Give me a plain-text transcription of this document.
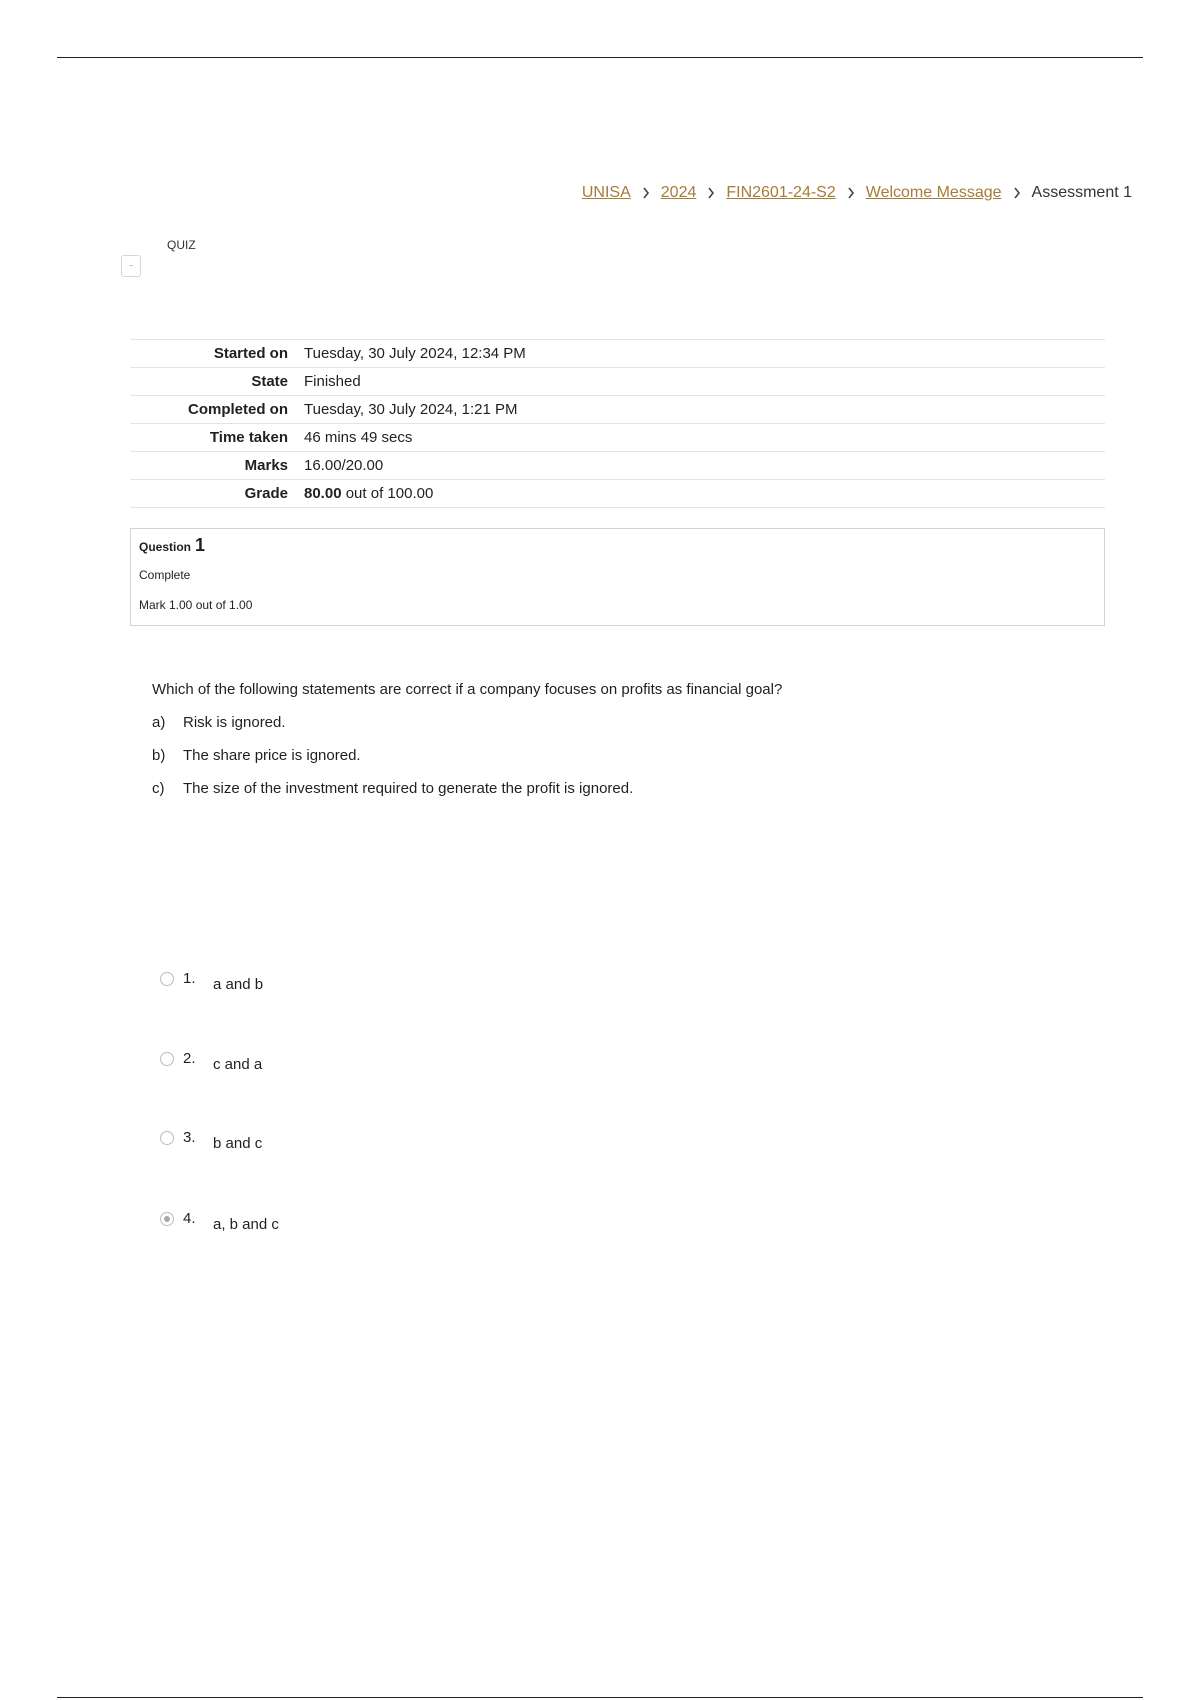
UNISA 2024 FIN2601-24-S2 Welcome Message Assessment 1
QUIZ
Started on	Tuesday, 30 July 2024, 12:34 PM
State	Finished
Completed on	Tuesday, 30 July 2024, 1:21 PM
Time taken	46 mins 49 secs
Marks	16.00/20.00
Grade	80.00 out of 100.00
Question 1
Complete
Mark 1.00 out of 1.00
Which of the following statements are correct if a company focuses on profits as financial goal?
a) Risk is ignored.
b) The share price is ignored.
c) The size of the investment required to generate the profit is ignored.
1.	a and b
2.	c and a
3.	b and c
4.	a, b and c
